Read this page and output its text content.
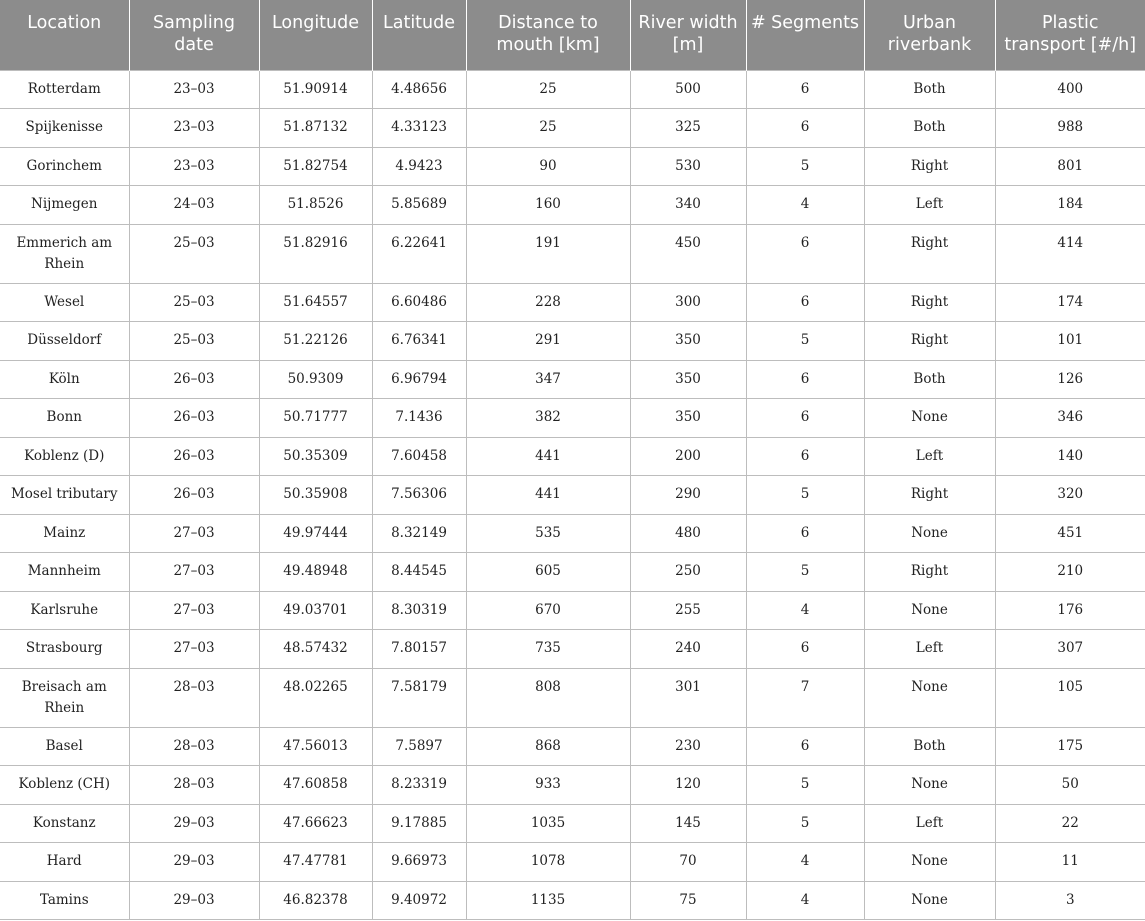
Location	Sampling date	Longitude	Latitude	Distance to mouth [km]	River width [m]	# Segments	Urban riverbank	Plastic transport [#/h]
Rotterdam	23–03	51.90914	4.48656	25	500	6	Both	400
Spijkenisse	23–03	51.87132	4.33123	25	325	6	Both	988
Gorinchem	23–03	51.82754	4.9423	90	530	5	Right	801
Nijmegen	24–03	51.8526	5.85689	160	340	4	Left	184
Emmerich am Rhein	25–03	51.82916	6.22641	191	450	6	Right	414
Wesel	25–03	51.64557	6.60486	228	300	6	Right	174
Düsseldorf	25–03	51.22126	6.76341	291	350	5	Right	101
Köln	26–03	50.9309	6.96794	347	350	6	Both	126
Bonn	26–03	50.71777	7.1436	382	350	6	None	346
Koblenz (D)	26–03	50.35309	7.60458	441	200	6	Left	140
Mosel tributary	26–03	50.35908	7.56306	441	290	5	Right	320
Mainz	27–03	49.97444	8.32149	535	480	6	None	451
Mannheim	27–03	49.48948	8.44545	605	250	5	Right	210
Karlsruhe	27–03	49.03701	8.30319	670	255	4	None	176
Strasbourg	27–03	48.57432	7.80157	735	240	6	Left	307
Breisach am Rhein	28–03	48.02265	7.58179	808	301	7	None	105
Basel	28–03	47.56013	7.5897	868	230	6	Both	175
Koblenz (CH)	28–03	47.60858	8.23319	933	120	5	None	50
Konstanz	29–03	47.66623	9.17885	1035	145	5	Left	22
Hard	29–03	47.47781	9.66973	1078	70	4	None	11
Tamins	29–03	46.82378	9.40972	1135	75	4	None	3
